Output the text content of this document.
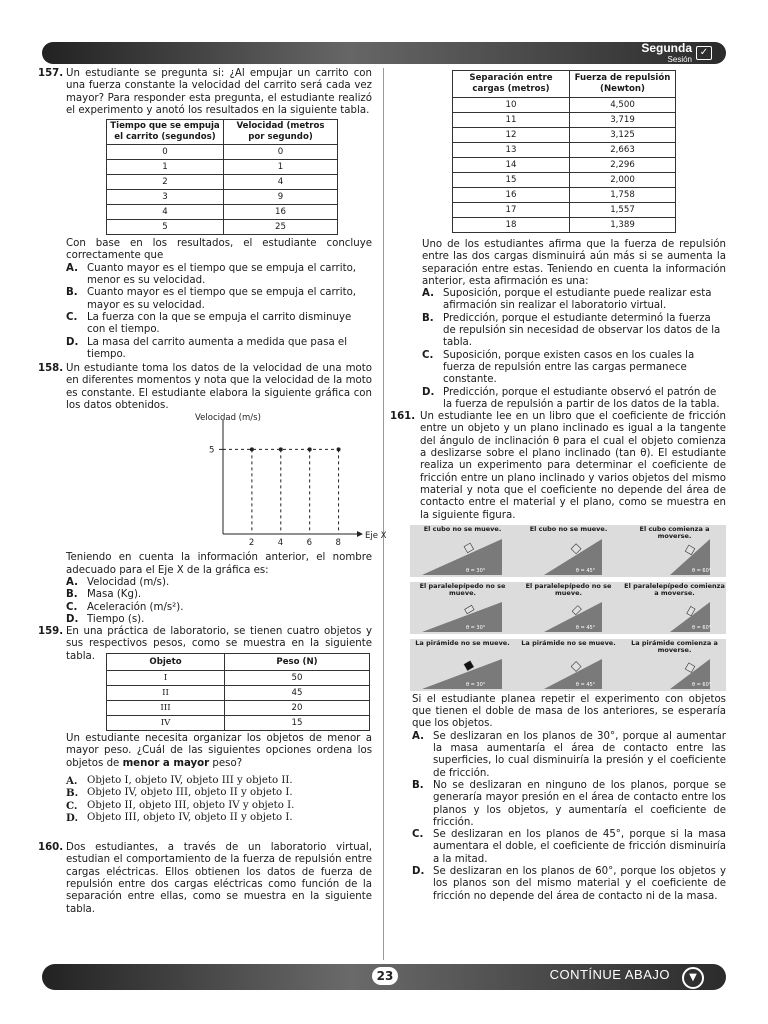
Segunda
Sesión
✓
157. Un estudiante se pregunta si: ¿Al empujar un carrito con una fuerza constante la velocidad del carrito será cada vez mayor? Para responder esta pregunta, el estudiante realizó el experimento y anotó los resultados en la siguiente tabla.

Tiempo que se empuja el carrito (segundos)	Velocidad (metros por segundo)
0	0
1	1
2	4
3	9
4	16
5	25

Con base en los resultados, el estudiante concluye correctamente que

A. Cuanto mayor es el tiempo que se empuja el carrito, menor es su velocidad.
B. Cuanto mayor es el tiempo que se empuja el carrito, mayor es su velocidad.
C. La fuerza con la que se empuja el carrito disminuye con el tiempo.
D. La masa del carrito aumenta a medida que pasa el tiempo.
158. Un estudiante toma los datos de la velocidad de una moto en diferentes momentos y nota que la velocidad de la moto es constante. El estudiante elabora la siguiente gráfica con los datos obtenidos.

Velocidad (m/s)
Eje X
5
2	4	6	8

Teniendo en cuenta la información anterior, el nombre adecuado para el Eje X de la gráfica es:

A. Velocidad (m/s).
B. Masa (Kg).
C. Aceleración (m/s²).
D. Tiempo (s).
159. En una práctica de laboratorio, se tienen cuatro objetos y sus respectivos pesos, como se muestra en la siguiente tabla.	Objeto	Peso (N)
I	50
II	45
III	20
IV	15

Un estudiante necesita organizar los objetos de menor a mayor peso. ¿Cuál de las siguientes opciones ordena los objetos de menor a mayor peso?

A. Objeto I, objeto IV, objeto III y objeto II.
B. Objeto IV, objeto III, objeto II y objeto I.
C. Objeto II, objeto III, objeto IV y objeto I.
D. Objeto III, objeto IV, objeto II y objeto I.
160. Dos estudiantes, a través de un laboratorio virtual, estudian el comportamiento de la fuerza de repulsión entre cargas eléctricas. Ellos obtienen los datos de fuerza de repulsión entre dos cargas eléctricas como función de la separación entre ellas, como se muestra en la siguiente tabla.

Separación entre cargas (metros)	Fuerza de repulsión (Newton)
10	4,500
11	3,719
12	3,125
13	2,663
14	2,296
15	2,000
16	1,758
17	1,557
18	1,389

Uno de los estudiantes afirma que la fuerza de repulsión entre las dos cargas disminuirá aún más si se aumenta la separación entre estas. Teniendo en cuenta la información anterior, esta afirmación es una:

A. Suposición, porque el estudiante puede realizar esta afirmación sin realizar el laboratorio virtual.
B. Predicción, porque el estudiante determinó la fuerza de repulsión sin necesidad de observar los datos de la tabla.
C. Suposición, porque existen casos en los cuales la fuerza de repulsión entre las cargas permanece constante.
D. Predicción, porque el estudiante observó el patrón de la fuerza de repulsión a partir de los datos de la tabla.
161. Un estudiante lee en un libro que el coeficiente de fricción entre un objeto y un plano inclinado es igual a la tangente del ángulo de inclinación θ para el cual el objeto comienza a deslizarse sobre el plano inclinado (tan θ). El estudiante realiza un experimento para determinar el coeficiente de fricción entre un plano inclinado y varios objetos del mismo material y nota que el coeficiente no depende del área de contacto entre el material y el plano, como se muestra en la siguiente figura.

El cubo no se mueve.
θ = 30°
El cubo no se mueve.
θ = 45°
El cubo comienza a moverse.
θ = 60°
El paralelepípedo no se mueve.
θ = 30°
El paralelepípedo no se mueve.
θ = 45°
El paralelepípedo comienza a moverse.
θ = 60°
La pirámide no se mueve.
θ = 30°
La pirámide no se mueve.
θ = 45°
La pirámide comienza a moverse.
θ = 60°

Si el estudiante planea repetir el experimento con objetos que tienen el doble de masa de los anteriores, se esperaría que los objetos.

A. Se deslizaran en los planos de 30°, porque al aumentar la masa aumentaría el área de contacto entre las superficies, lo cual disminuiría la presión y el coeficiente de fricción.
B. No se deslizaran en ninguno de los planos, porque se generaría mayor presión en el área de contacto entre los planos y los objetos, y aumentaría el coeficiente de fricción.
C. Se deslizaran en los planos de 45°, porque si la masa aumentara el doble, el coeficiente de fricción disminuiría a la mitad.
D. Se deslizaran en los planos de 60°, porque los objetos y los planos son del mismo material y el coeficiente de fricción no depende del área de contacto ni de la masa.
23	CONTÍNUE ABAJO	▼
